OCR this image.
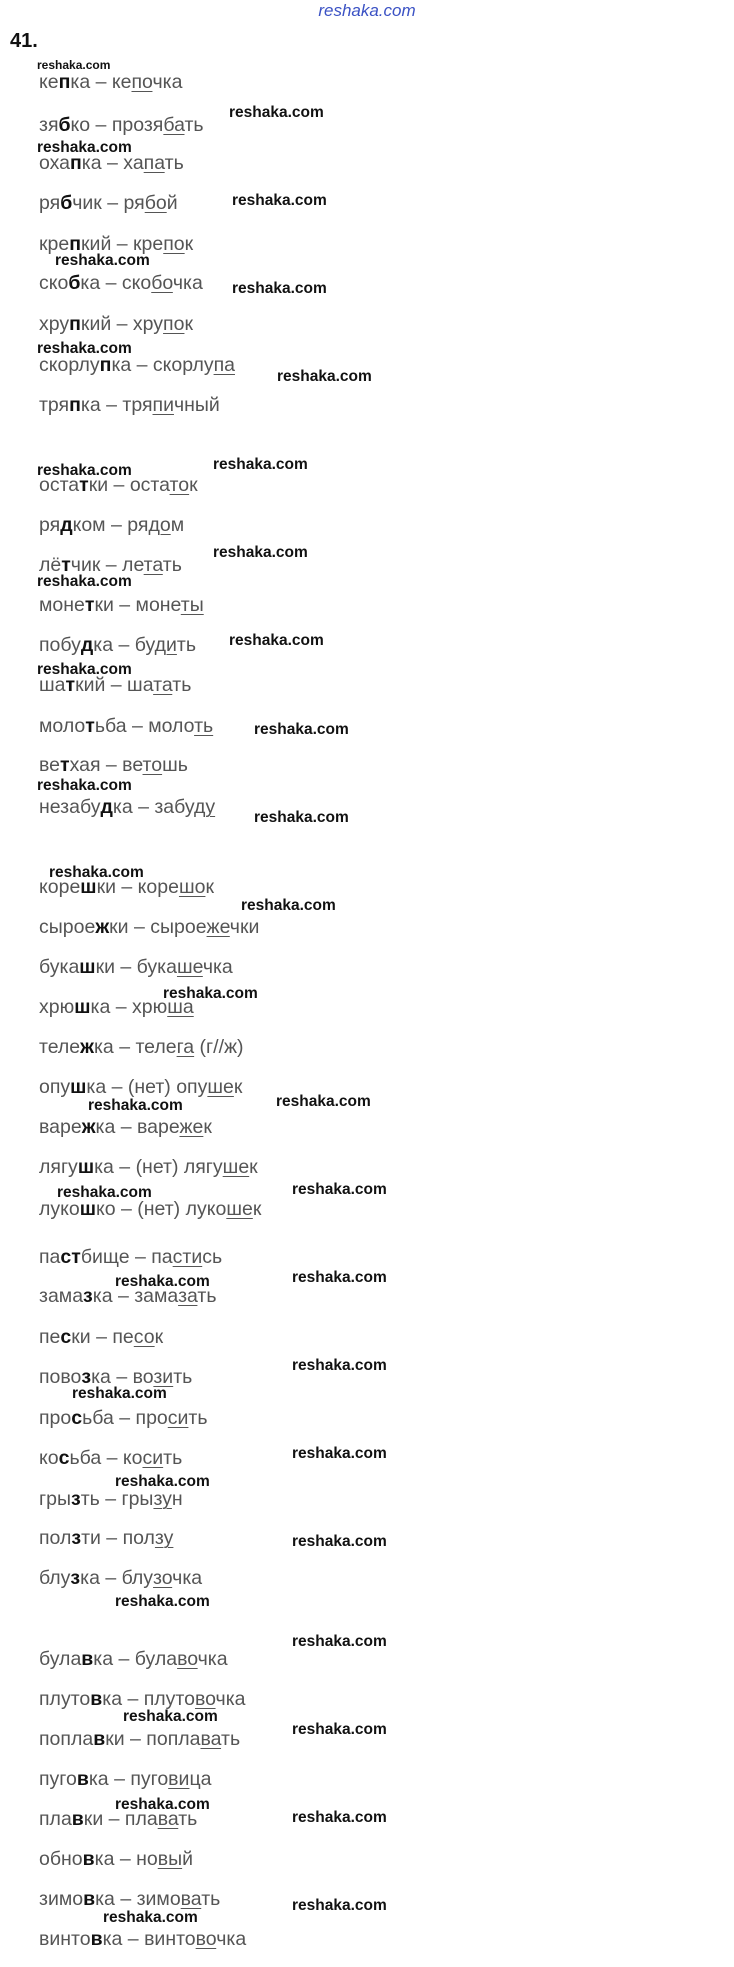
reshaka.com
41.
кепка – кепочка
зябко – прозябать
охапка – хапать
рябчик – рябой
крепкий – крепок
скобка – скобочка
хрупкий – хрупок
скорлупка – скорлупа
тряпка – тряпичный
остатки – остаток
рядком – рядом
лётчик – летать
монетки – монеты
побудка – будить
шаткий – шатать
молотьба – молоть
ветхая – ветошь
незабудка – забуду
корешки – корешок
сыроeжки – сыроeжечки
букашки – букашечка
хрюшка – хрюша
тележка – телега (г//ж)
опушка – (нет) опушек
варежка – варежек
лягушка – (нет) лягушек
лукошко – (нет) лукошек
пастбище – пастись
замазка – замазать
пески – песок
повозка – возить
просьба – просить
косьба – косить
грызть – грызун
ползти – ползу
блузка – блузочка
булавка – булавочка
плутовка – плутовочка
поплавки – поплавать
пуговка – пуговица
плавки – плавать
обновка – новый
зимовка – зимовать
винтовка – винтовочка
reshaka.com
reshaka.com
reshaka.com
reshaka.com
reshaka.com
reshaka.com
reshaka.com
reshaka.com
reshaka.com	reshaka.com
reshaka.com
reshaka.com
reshaka.com
reshaka.com
reshaka.com
reshaka.com
reshaka.com
reshaka.com
reshaka.com
reshaka.com
reshaka.com	reshaka.com
reshaka.com	reshaka.com
reshaka.com	reshaka.com
reshaka.com
reshaka.com
reshaka.com
reshaka.com
reshaka.com
reshaka.com
reshaka.com
reshaka.com
reshaka.com
reshaka.com
reshaka.com
reshaka.com
reshaka.com
